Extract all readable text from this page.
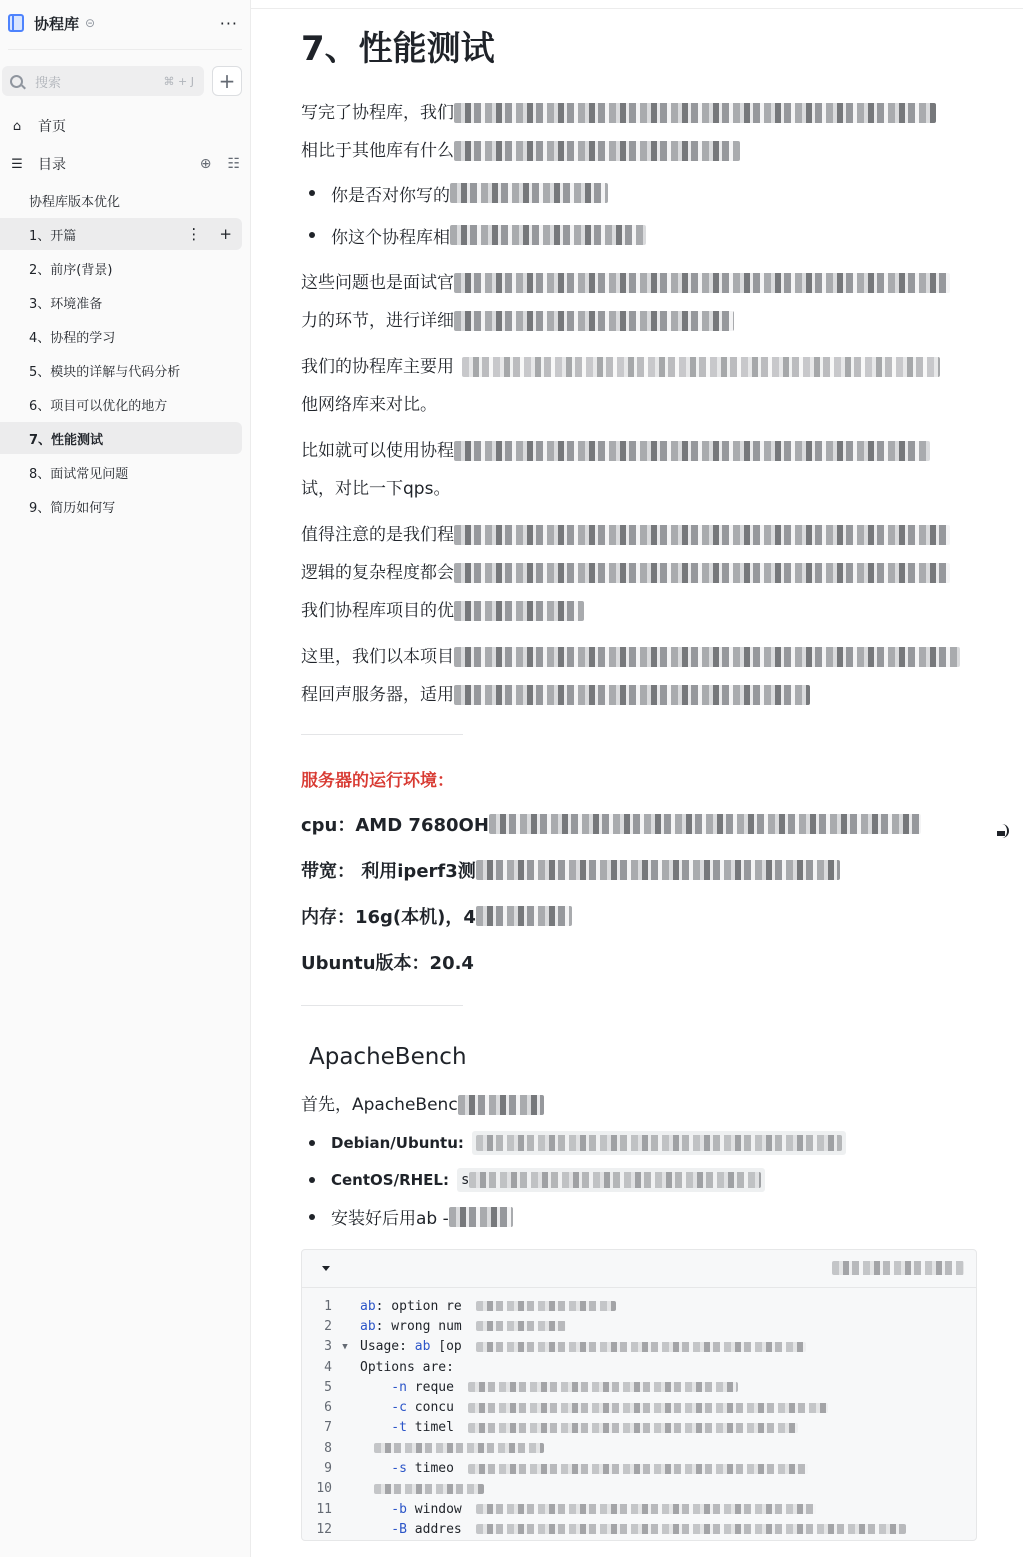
协程库 ⊝	···
搜索	⌘ + J	+
⌂ 首页
☰ 目录	⊕ ☷
协程库版本优化
1、开篇	⋮ +
2、前序(背景)
3、环境准备
4、协程的学习
5、模块的详解与代码分析
6、项目可以优化的地方
7、性能测试
8、面试常见问题
9、简历如何写
7、性能测试
写完了协程库，我们
相比于其他库有什么
你是否对你写的
你这个协程库相
这些问题也是面试官
力的环节，进行详细
我们的协程库主要用
他网络库来对比。
比如就可以使用协程
试，对比一下qps。
值得注意的是我们程
逻辑的复杂程度都会
我们协程库项目的优
这里，我们以本项目
程回声服务器，适用
服务器的运行环境：
cpu：AMD 7680OH
带宽： 利用iperf3测
内存：16g(本机)，4
Ubuntu版本：20.4
ApacheBench
首先，ApacheBenc
Debian/Ubuntu:
CentOS/RHEL: s
安装好后用ab -
1	ab: option re
2	ab: wrong num
3	▼ Usage: ab [op
4	Options are:
5	-n reque
6	-c concu
7	-t timel
8
9	-s timeo
10
11	-b window
12	-B addres
